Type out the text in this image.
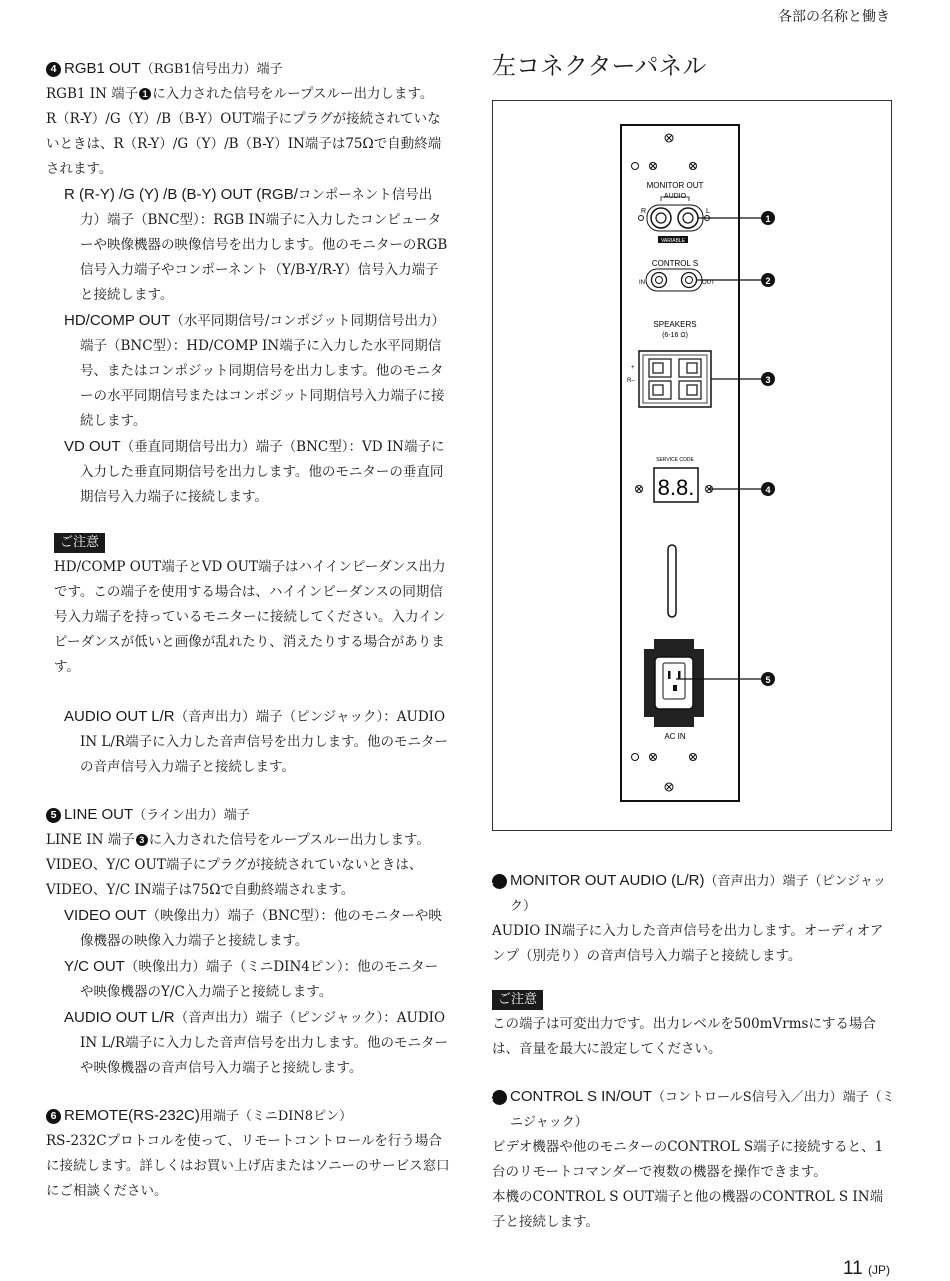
各部の名称と働き
4 RGB1 OUT（RGB1信号出力）端子

RGB1 IN 端子 1 に入力された信号をループスルー出力します。

R（R-Y）/G（Y）/B（B-Y）OUT端子にプラグが接続されていないときは、R（R-Y）/G（Y）/B（B-Y）IN端子は75Ωで自動終端されます。

R (R-Y) /G (Y) /B (B-Y) OUT (RGB/コンポーネント信号出力）端子（BNC型）：RGB IN端子に入力したコンピューターや映像機器の映像信号を出力します。他のモニターのRGB信号入力端子やコンポーネント（Y/B-Y/R-Y）信号入力端子と接続します。

HD/COMP OUT（水平同期信号/コンポジット同期信号出力）端子（BNC型）：HD/COMP IN端子に入力した水平同期信号、またはコンポジット同期信号を出力します。他のモニターの水平同期信号またはコンポジット同期信号入力端子に接続します。

VD OUT（垂直同期信号出力）端子（BNC型）：VD IN端子に入力した垂直同期信号を出力します。他のモニターの垂直同期信号入力端子に接続します。

ご注意

HD/COMP OUT端子とVD OUT端子はハイインピーダンス出力です。この端子を使用する場合は、ハイインピーダンスの同期信号入力端子を持っているモニターに接続してください。入力インピーダンスが低いと画像が乱れたり、消えたりする場合があります。

AUDIO OUT L/R（音声出力）端子（ピンジャック）：AUDIO IN L/R端子に入力した音声信号を出力します。他のモニターの音声信号入力端子と接続します。

5 LINE OUT（ライン出力）端子

LINE IN 端子 3 に入力された信号をループスルー出力します。

VIDEO、Y/C OUT端子にプラグが接続されていないときは、VIDEO、Y/C IN端子は75Ωで自動終端されます。

VIDEO OUT（映像出力）端子（BNC型）：他のモニターや映像機器の映像入力端子と接続します。

Y/C OUT（映像出力）端子（ミニDIN4ピン）：他のモニターや映像機器のY/C入力端子と接続します。

AUDIO OUT L/R（音声出力）端子（ピンジャック）：AUDIO IN L/R端子に入力した音声信号を出力します。他のモニターや映像機器の音声信号入力端子と接続します。

6 REMOTE(RS-232C)用端子（ミニDIN8ピン）

RS-232Cプロトコルを使って、リモートコントロールを行う場合に接続します。詳しくはお買い上げ店またはソニーのサービス窓口にご相談ください。

左コネクターパネル
MONITOR OUT
AUDIO
R	L
VARIABLE
CONTROL S
IN	OUT
SPEAKERS
(6-16 Ω)
+
R–
SERVICE CODE
8.8.
AC IN
1
2
3
4
5
1 MONITOR OUT AUDIO (L/R)（音声出力）端子（ピンジャック）

AUDIO IN端子に入力した音声信号を出力します。オーディオアンプ（別売り）の音声信号入力端子と接続します。

ご注意

この端子は可変出力です。出力レベルを500mVrmsにする場合は、音量を最大に設定してください。

2 CONTROL S IN/OUT（コントロールS信号入／出力）端子（ミニジャック）

ビデオ機器や他のモニターのCONTROL S端子に接続すると、1台のリモートコマンダーで複数の機器を操作できます。

本機のCONTROL S OUT端子と他の機器のCONTROL S IN端子と接続します。

11 (JP)
